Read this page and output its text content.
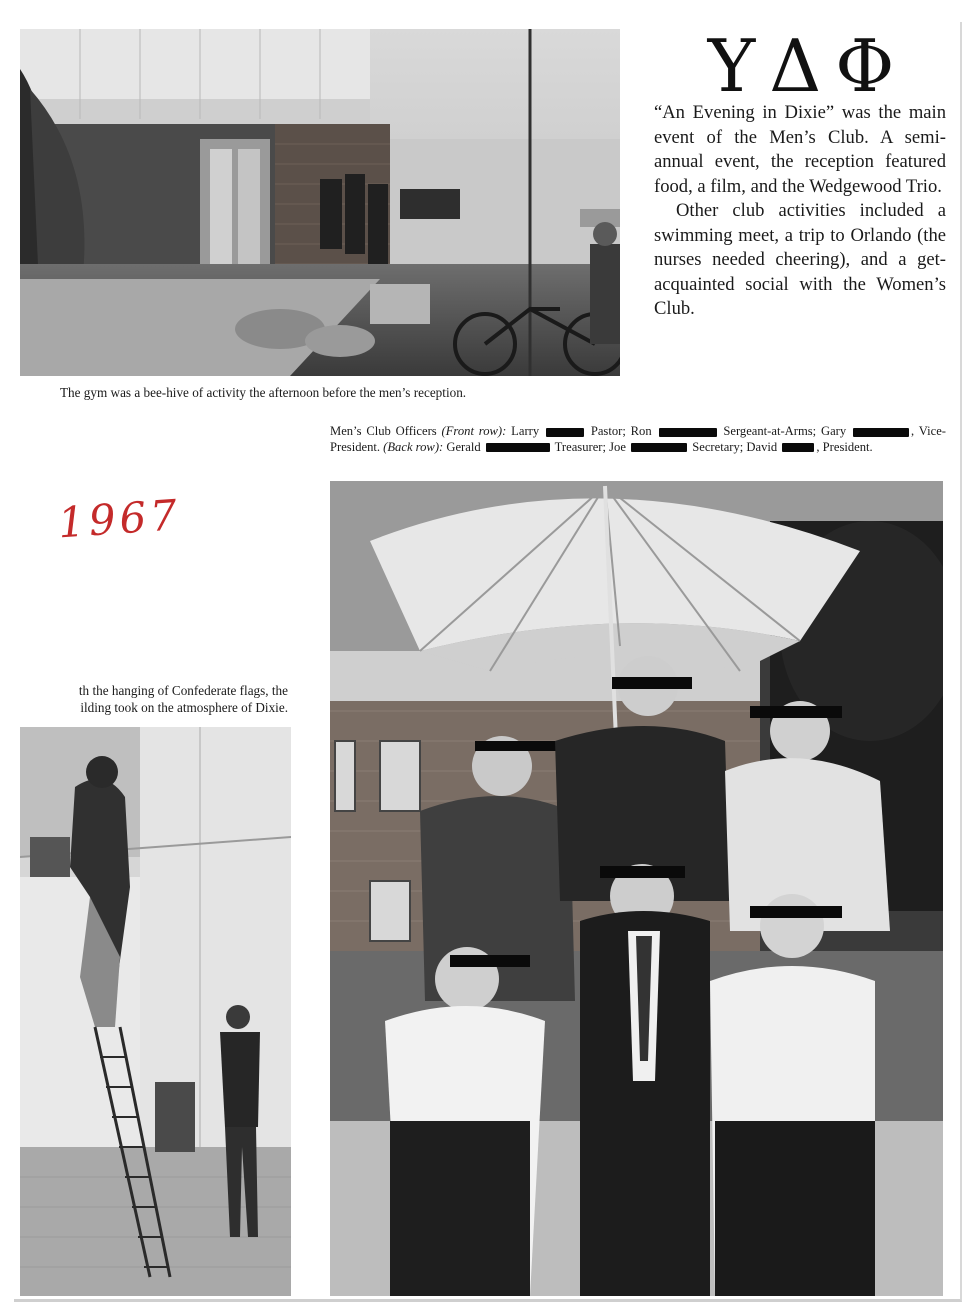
ΥΔΦ

“An Evening in Dixie” was the main event of the Men’s Club. A semi-annual event, the reception featured food, a film, and the Wedgewood Trio.

Other club activities included a swimming meet, a trip to Orlando (the nurses needed cheering), and a get-acquainted social with the Women’s Club.

The gym was a bee-hive of activity the afternoon before the men’s reception.
Men’s Club Officers (Front row): Larry	Pastor; Ron	Sergeant-at-Arms; Gary	, Vice-President. (Back row): Gerald	Treasurer; Joe	Secretary; David	, President.
1967
th the hanging of Confederate flags, the
ilding took on the atmosphere of Dixie.
